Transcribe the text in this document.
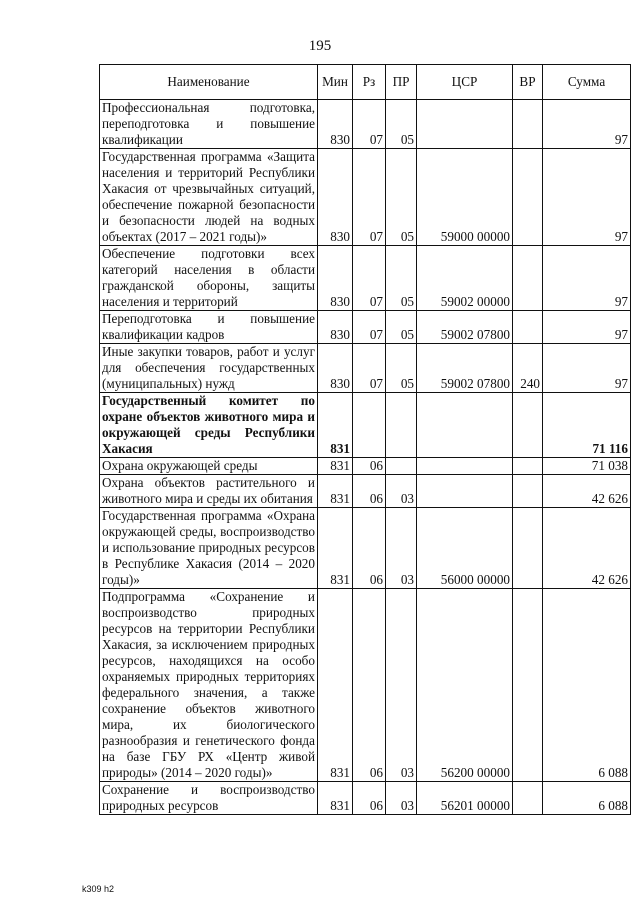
195
Наименование	Мин	Рз	ПР	ЦСР	ВР	Сумма
Профессиональная подготовка, переподготовка и повышение квалификации	830	07	05			97
Государственная программа «Защита населения и территорий Республики Хакасия от чрезвычайных ситуаций, обеспечение пожарной безопасности и безопасности людей на водных объектах (2017 – 2021 годы)»	830	07	05	59000 00000		97
Обеспечение подготовки всех категорий населения в области гражданской обороны, защиты населения и территорий	830	07	05	59002 00000		97
Переподготовка и повышение квалификации кадров	830	07	05	59002 07800		97
Иные закупки товаров, работ и услуг для обеспечения государственных (муниципальных) нужд	830	07	05	59002 07800	240	97
Государственный комитет по охране объектов животного мира и окружающей среды Республики Хакасия	831					71 116
Охрана окружающей среды	831	06				71 038
Охрана объектов растительного и животного мира и среды их обитания	831	06	03			42 626
Государственная программа «Охрана окружающей среды, воспроизводство и использование природных ресурсов в Республике Хакасия (2014 – 2020 годы)»	831	06	03	56000 00000		42 626
Подпрограмма «Сохранение и воспроизводство природных ресурсов на территории Республики Хакасия, за исключением природных ресурсов, находящихся на особо охраняемых природных территориях федерального значения, а также сохранение объектов животного мира, их биологического разнообразия и генетического фонда на базе ГБУ РХ «Центр живой природы» (2014 – 2020 годы)»	831	06	03	56200 00000		6 088
Сохранение и воспроизводство природных ресурсов	831	06	03	56201 00000		6 088
k309 h2
